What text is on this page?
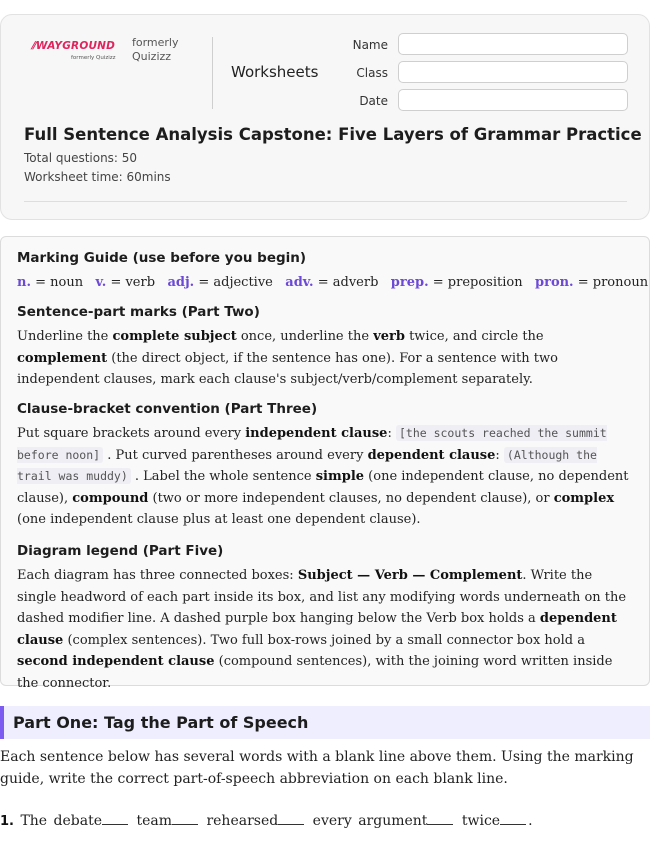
⫽WAYGROUND
formerly Quizizz
formerly
Quizizz
Worksheets
Name
Class
Date
Full Sentence Analysis Capstone: Five Layers of Grammar Practice
Total questions: 50
Worksheet time: 60mins
Marking Guide (use before you begin)
n. = noun v. = verb adj. = adjective adv. = adverb prep. = preposition pron. = pronoun
Sentence-part marks (Part Two)
Underline the complete subject once, underline the verb twice, and circle the complement (the direct object, if the sentence has one). For a sentence with two independent clauses, mark each clause's subject/verb/complement separately.
Clause-bracket convention (Part Three)
Put square brackets around every independent clause: [the scouts reached the summit before noon] . Put curved parentheses around every dependent clause: (Although the trail was muddy) . Label the whole sentence simple (one independent clause, no dependent clause), compound (two or more independent clauses, no dependent clause), or complex (one independent clause plus at least one dependent clause).
Diagram legend (Part Five)
Each diagram has three connected boxes: Subject — Verb — Complement. Write the single headword of each part inside its box, and list any modifying words underneath on the dashed modifier line. A dashed purple box hanging below the Verb box holds a dependent clause (complex sentences). Two full box-rows joined by a small connector box hold a second independent clause (compound sentences), with the joining word written inside the connector.
Part One: Tag the Part of Speech
Each sentence below has several words with a blank line above them. Using the marking guide, write the correct part-of-speech abbreviation on each blank line.
1. The debate team rehearsed every argument twice .
